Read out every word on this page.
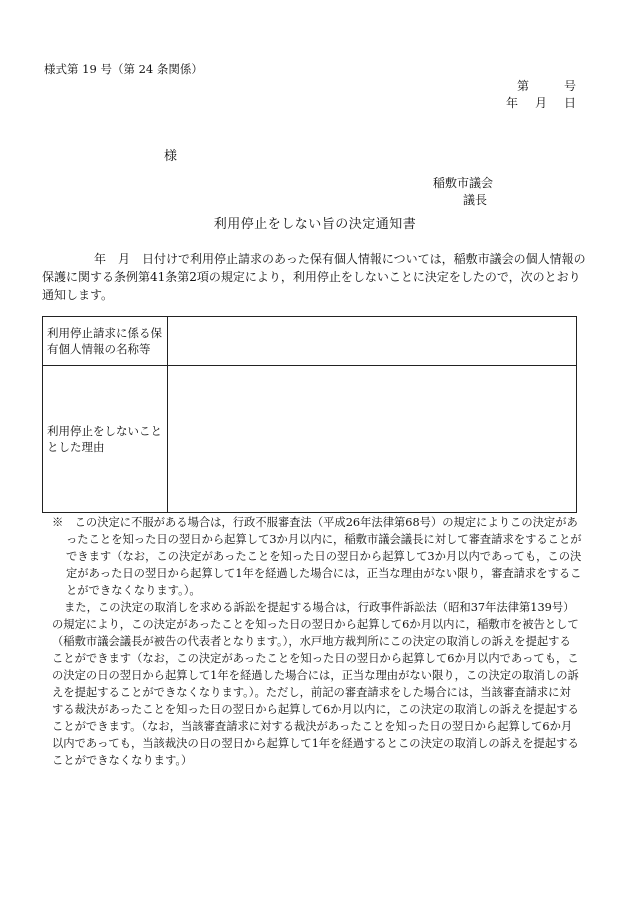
様式第 19 号（第 24 条関係）
第	号
年 月 日
様
稲敷市議会
議長
利用停止をしない旨の決定通知書
年　月　日付けで利用停止請求のあった保有個人情報については，稲敷市議会の個人情報の保護に関する条例第41条第2項の規定により，利用停止をしないことに決定をしたので，次のとおり通知します。
利用停止請求に係る保有個人情報の名称等	
利用停止をしないこととした理由	

※　この決定に不服がある場合は，行政不服審査法（平成26年法律第68号）の規定によりこの決定があったことを知った日の翌日から起算して3か月以内に，稲敷市議会議長に対して審査請求をすることができます（なお，この決定があったことを知った日の翌日から起算して3か月以内であっても，この決定があった日の翌日から起算して1年を経過した場合には，正当な理由がない限り，審査請求をすることができなくなります。）。

また，この決定の取消しを求める訴訟を提起する場合は，行政事件訴訟法（昭和37年法律第139号）の規定により，この決定があったことを知った日の翌日から起算して6か月以内に，稲敷市を被告として（稲敷市議会議長が被告の代表者となります。），水戸地方裁判所にこの決定の取消しの訴えを提起することができます（なお，この決定があったことを知った日の翌日から起算して6か月以内であっても，この決定の日の翌日から起算して1年を経過した場合には，正当な理由がない限り，この決定の取消しの訴えを提起することができなくなります。）。ただし，前記の審査請求をした場合には，当該審査請求に対する裁決があったことを知った日の翌日から起算して6か月以内に，この決定の取消しの訴えを提起することができます。（なお，当該審査請求に対する裁決があったことを知った日の翌日から起算して6か月以内であっても，当該裁決の日の翌日から起算して1年を経過するとこの決定の取消しの訴えを提起することができなくなります。）
